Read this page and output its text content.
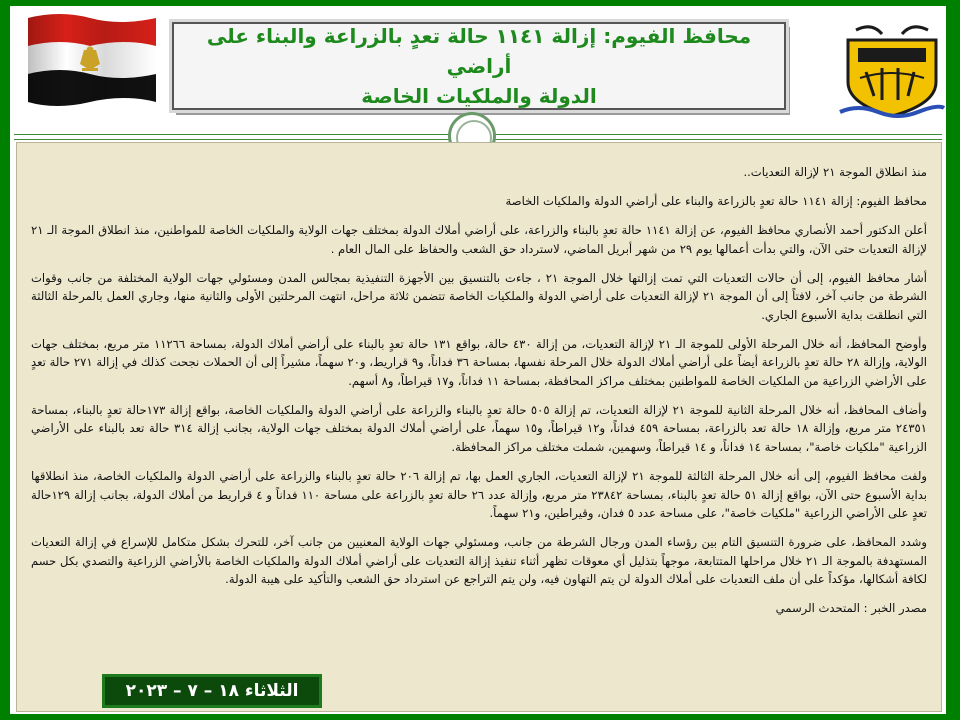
محافظ الفيوم: إزالة ١١٤١ حالة تعدٍ بالزراعة والبناء على أراضي
الدولة والملكيات الخاصة

منذ انطلاق الموجة ٢١ لإزالة التعديات..

محافظ الفيوم: إزالة ١١٤١ حالة تعدٍ بالزراعة والبناء على أراضي الدولة والملكيات الخاصة

أعلن الدكتور أحمد الأنصاري محافظ الفيوم، عن إزالة ١١٤١ حالة تعدٍ بالبناء والزراعة، على أراضي أملاك الدولة بمختلف جهات الولاية والملكيات الخاصة للمواطنين، منذ انطلاق الموجة الـ ٢١ لإزالة التعديات حتى الآن، والتي بدأت أعمالها يوم ٢٩ من شهر أبريل الماضي، لاسترداد حق الشعب والحفاظ على المال العام .

أشار محافظ الفيوم، إلى أن حالات التعديات التي تمت إزالتها خلال الموجة ٢١ ، جاءت بالتنسيق بين الأجهزة التنفيذية بمجالس المدن ومسئولي جهات الولاية المختلفة من جانب وقوات الشرطة من جانب آخر، لافتاً إلى أن الموجة ٢١ لإزالة التعديات على أراضي الدولة والملكيات الخاصة تتضمن ثلاثة مراحل، انتهت المرحلتين الأولى والثانية منها، وجاري العمل بالمرحلة الثالثة التي انطلقت بداية الأسبوع الجاري.

وأوضح المحافظ، أنه خلال المرحلة الأولى للموجة الـ ٢١ لإزالة التعديات، من إزالة ٤٣٠ حالة، بواقع ١٣١ حالة تعدٍ بالبناء على أراضي أملاك الدولة، بمساحة ١١٢٦٦ متر مربع، بمختلف جهات الولاية، وإزالة ٢٨ حالة تعدٍ بالزراعة أيضاً على أراضي أملاك الدولة خلال المرحلة نفسها، بمساحة ٣٦ فداناً، و٩ قراريط، و٢٠ سهماً، مشيراً إلى أن الحملات نجحت كذلك في إزالة ٢٧١ حالة تعدٍ على الأراضي الزراعية من الملكيات الخاصة للمواطنين بمختلف مراكز المحافظة، بمساحة ١١ فداناً، و١٧ قيراطاً، و٨ أسهم.

وأضاف المحافظ، أنه خلال المرحلة الثانية للموجة ٢١ لإزالة التعديات، تم إزالة ٥٠٥ حالة تعدٍ بالبناء والزراعة على أراضي الدولة والملكيات الخاصة، بواقع إزالة ١٧٣حالة تعدٍ بالبناء، بمساحة ٢٤٣٥١ متر مربع، وإزالة ١٨ حالة تعد بالزراعة، بمساحة ٤٥٩ فداناً، و١٢ قيراطاً، و١٥ سهماً، على أراضي أملاك الدولة بمختلف جهات الولاية، بجانب إزالة ٣١٤ حالة تعد بالبناء على الأراضي الزراعية "ملكيات خاصة"، بمساحة ١٤ فداناً، و ١٤ قيراطاً، وسهمين، شملت مختلف مراكز المحافظة.

ولفت محافظ الفيوم، إلى أنه خلال المرحلة الثالثة للموجة ٢١ لإزالة التعديات، الجاري العمل بها، تم إزالة ٢٠٦ حالة تعدٍ بالبناء والزراعة على أراضي الدولة والملكيات الخاصة، منذ انطلاقها بداية الأسبوع حتى الآن، بواقع إزالة ٥١ حالة تعدٍ بالبناء، بمساحة ٢٣٨٤٢ متر مربع، وإزالة عدد ٢٦ حالة تعدٍ بالزراعة على مساحة ١١٠ فداناً و ٤ قراريط من أملاك الدولة، بجانب إزالة ١٢٩حالة تعدٍ على الأراضي الزراعية "ملكيات خاصة"، على مساحة عدد ٥ فدان، وقيراطين، و٢١ سهماً.

وشدد المحافظ، على ضرورة التنسيق التام بين رؤساء المدن ورجال الشرطة من جانب، ومسئولي جهات الولاية المعنيين من جانب آخر، للتحرك بشكل متكامل للإسراع في إزالة التعديات المستهدفة بالموجة الـ ٢١ خلال مراحلها المتتابعة، موجهاً بتذليل أي معوقات تظهر أثناء تنفيذ إزالة التعديات على أراضي أملاك الدولة والملكيات الخاصة بالأراضي الزراعية والتصدي بكل حسم لكافة أشكالها، مؤكداً على أن ملف التعديات على أملاك الدولة لن يتم التهاون فيه، ولن يتم التراجع عن استرداد حق الشعب والتأكيد على هيبة الدولة.

مصدر الخبر : المتحدث الرسمي

الثلاثاء ١٨ – ٧ – ٢٠٢٣
